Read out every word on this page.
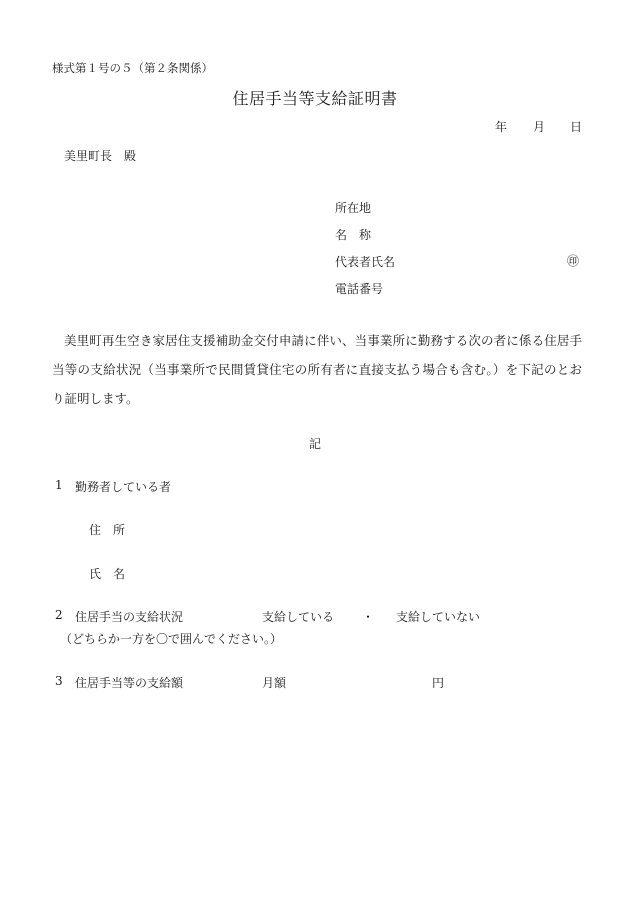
様式第１号の５（第２条関係）
住居手当等支給証明書
年 月 日
美里町長　殿
所在地
名　称
代表者氏名	㊞
電話番号
美里町再生空き家居住支援補助金交付申請に伴い、当事業所に勤務する次の者に係る住居手当等の支給状況（当事業所で民間賃貸住宅の所有者に直接支払う場合も含む。）を下記のとおり証明します。
記
1 勤務者している者
住　所
氏　名
2 住居手当の支給状況	支給している ・ 支給していない
（どちらか一方を〇で囲んでください。）
3 住居手当等の支給額	月額	円
